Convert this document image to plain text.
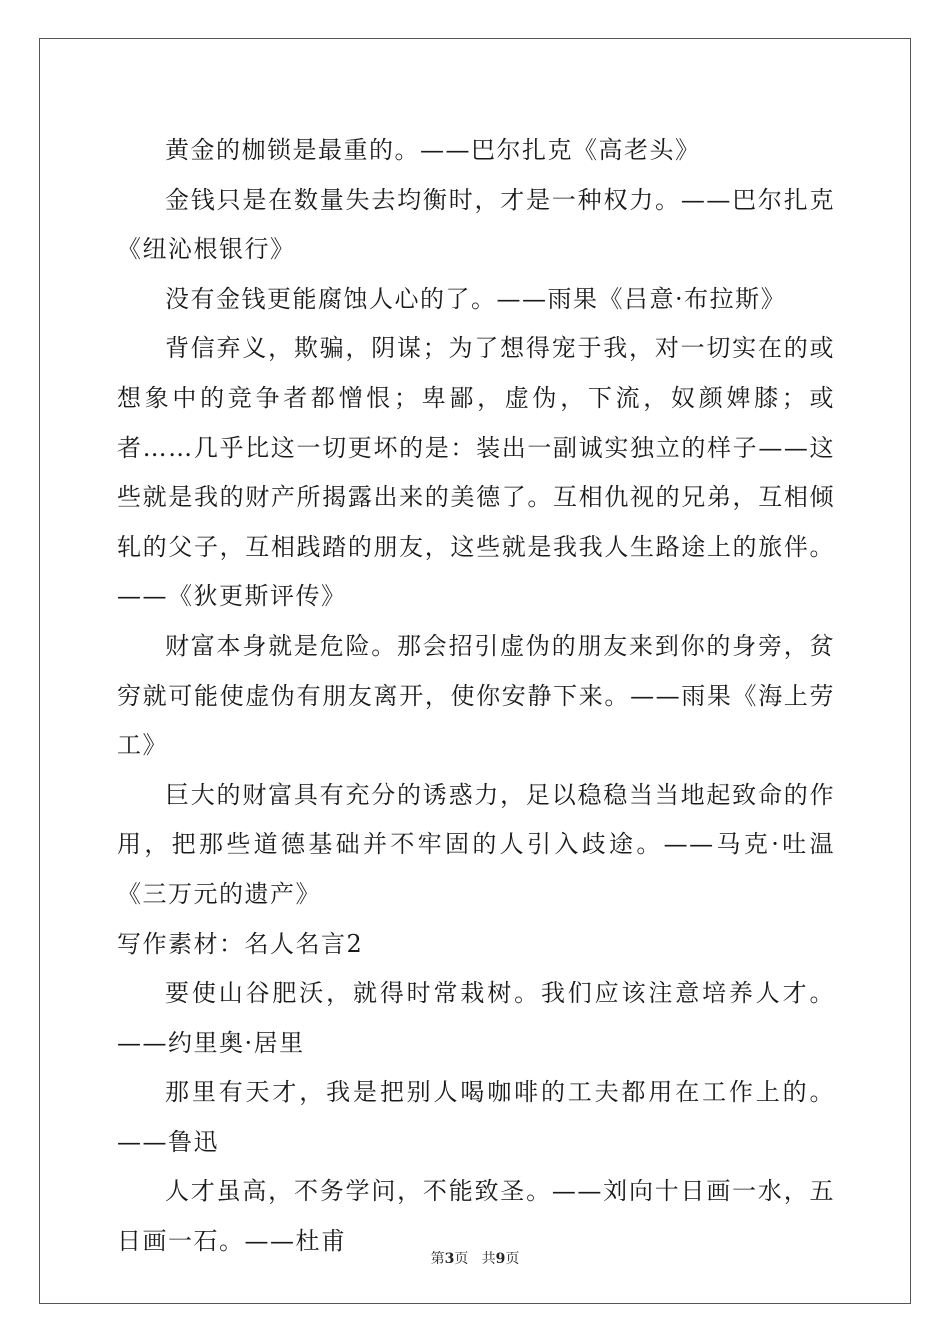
黄金的枷锁是最重的。——巴尔扎克《高老头》

金钱只是在数量失去均衡时，才是一种权力。——巴尔扎克《纽沁根银行》

没有金钱更能腐蚀人心的了。——雨果《吕意·布拉斯》

背信弃义，欺骗，阴谋；为了想得宠于我，对一切实在的或想象中的竞争者都憎恨；卑鄙，虚伪，下流，奴颜婢膝；或者……几乎比这一切更坏的是：装出一副诚实独立的样子——这些就是我的财产所揭露出来的美德了。互相仇视的兄弟，互相倾轧的父子，互相践踏的朋友，这些就是我我人生路途上的旅伴。——《狄更斯评传》

财富本身就是危险。那会招引虚伪的朋友来到你的身旁，贫穷就可能使虚伪有朋友离开，使你安静下来。——雨果《海上劳工》

巨大的财富具有充分的诱惑力，足以稳稳当当地起致命的作用，把那些道德基础并不牢固的人引入歧途。——马克·吐温《三万元的遗产》

写作素材：名人名言2

要使山谷肥沃，就得时常栽树。我们应该注意培养人才。——约里奥·居里

那里有天才，我是把别人喝咖啡的工夫都用在工作上的。——鲁迅

人才虽高，不务学问，不能致圣。——刘向十日画一水，五日画一石。——杜甫

第3页 共9页
